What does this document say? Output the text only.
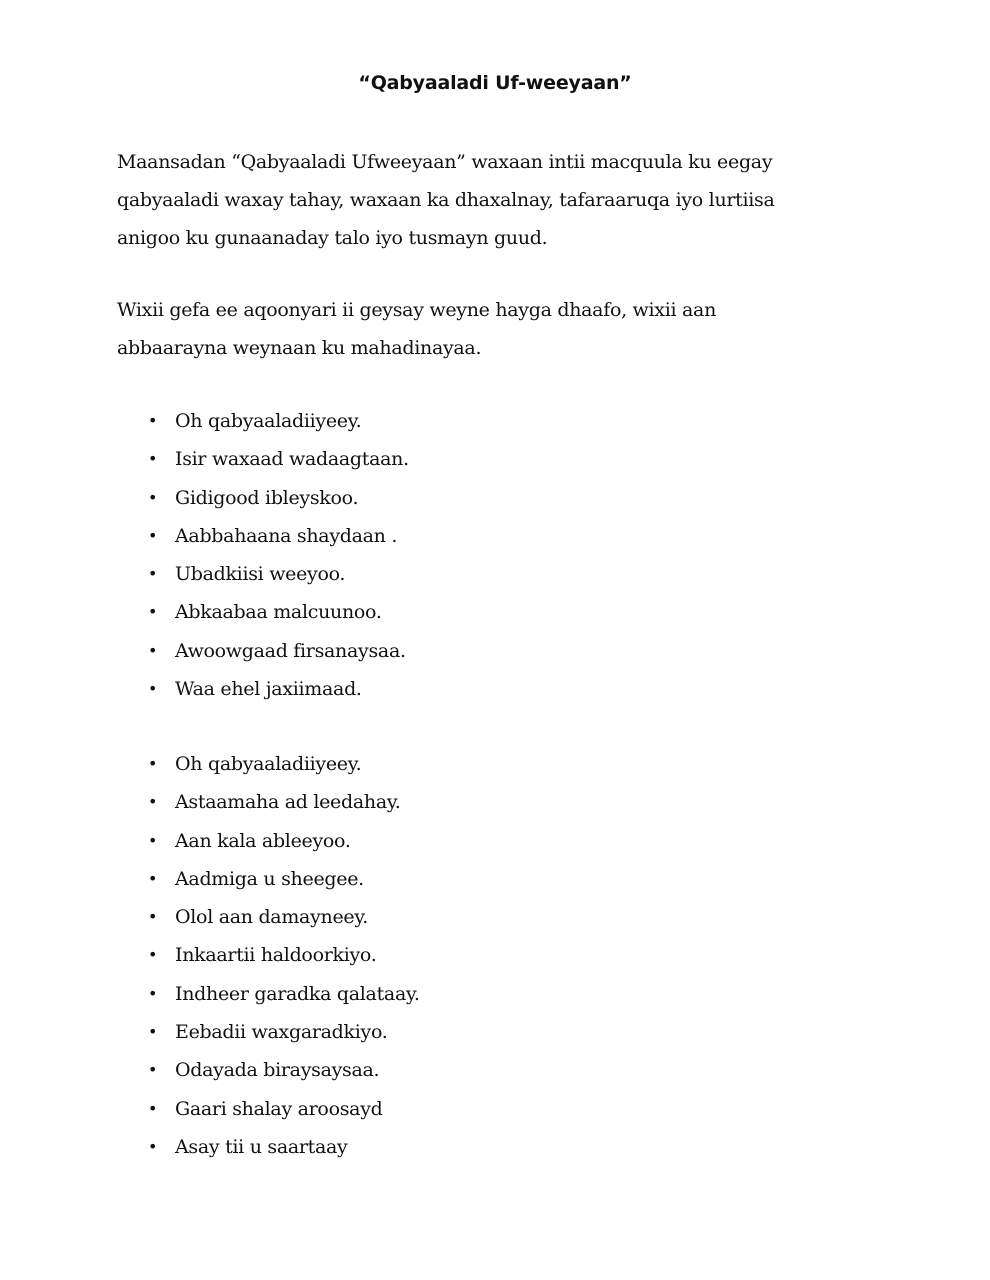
“Qabyaaladi Uf-weeyaan”

Maansadan “Qabyaaladi Ufweeyaan” waxaan intii macquula ku eegay
qabyaaladi waxay tahay, waxaan ka dhaxalnay, tafaraaruqa iyo lurtiisa
anigoo ku gunaanaday talo iyo tusmayn guud.

Wixii gefa ee aqoonyari ii geysay weyne hayga dhaafo, wixii aan
abbaarayna weynaan ku mahadinayaa.

• Oh qabyaaladiiyeey.
• Isir waxaad wadaagtaan.
• Gidigood ibleyskoo.
• Aabbahaana shaydaan .
• Ubadkiisi weeyoo.
• Abkaabaa malcuunoo.
• Awoowgaad firsanaysaa.
• Waa ehel jaxiimaad.
• Oh qabyaaladiiyeey.
• Astaamaha ad leedahay.
• Aan kala ableeyoo.
• Aadmiga u sheegee.
• Olol aan damayneey.
• Inkaartii haldoorkiyo.
• Indheer garadka qalataay.
• Eebadii waxgaradkiyo.
• Odayada biraysaysaa.
• Gaari shalay aroosayd
• Asay tii u saartaay
